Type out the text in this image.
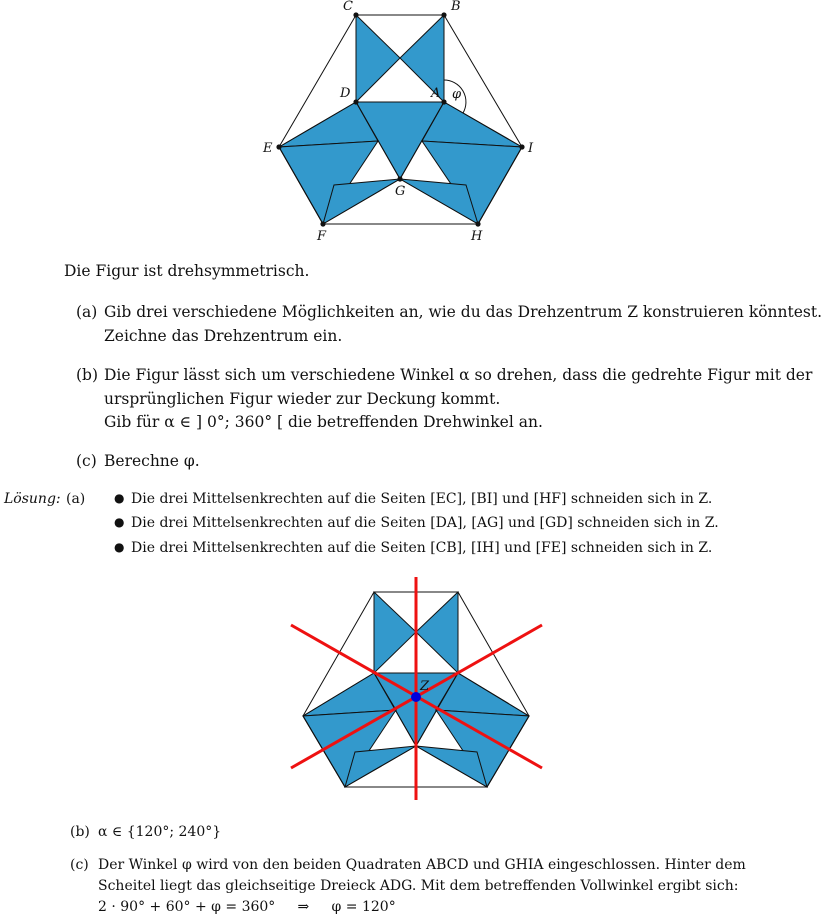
A
B
C
D
E
F
G
H
I
φ
Die Figur ist drehsymmetrisch.
(a) Gib drei verschiedene Möglichkeiten an, wie du das Drehzentrum Z konstruieren könntest.
Zeichne das Drehzentrum ein.
(b) Die Figur lässt sich um verschiedene Winkel α so drehen, dass die gedrehte Figur mit der
ursprünglichen Figur wieder zur Deckung kommt.
Gib für α ∈ ] 0°; 360° [ die betreffenden Drehwinkel an.
(c) Berechne φ.
Lösung: (a) ● Die drei Mittelsenkrechten auf die Seiten [EC], [BI] und [HF] schneiden sich in Z.
● Die drei Mittelsenkrechten auf die Seiten [DA], [AG] und [GD] schneiden sich in Z.
● Die drei Mittelsenkrechten auf die Seiten [CB], [IH] und [FE] schneiden sich in Z.
Z
(b) α ∈ {120°; 240°}
(c) Der Winkel φ wird von den beiden Quadraten ABCD und GHIA eingeschlossen. Hinter dem
Scheitel liegt das gleichseitige Dreieck ADG. Mit dem betreffenden Vollwinkel ergibt sich:
2 · 90° + 60° + φ = 360°     ⇒     φ = 120°
